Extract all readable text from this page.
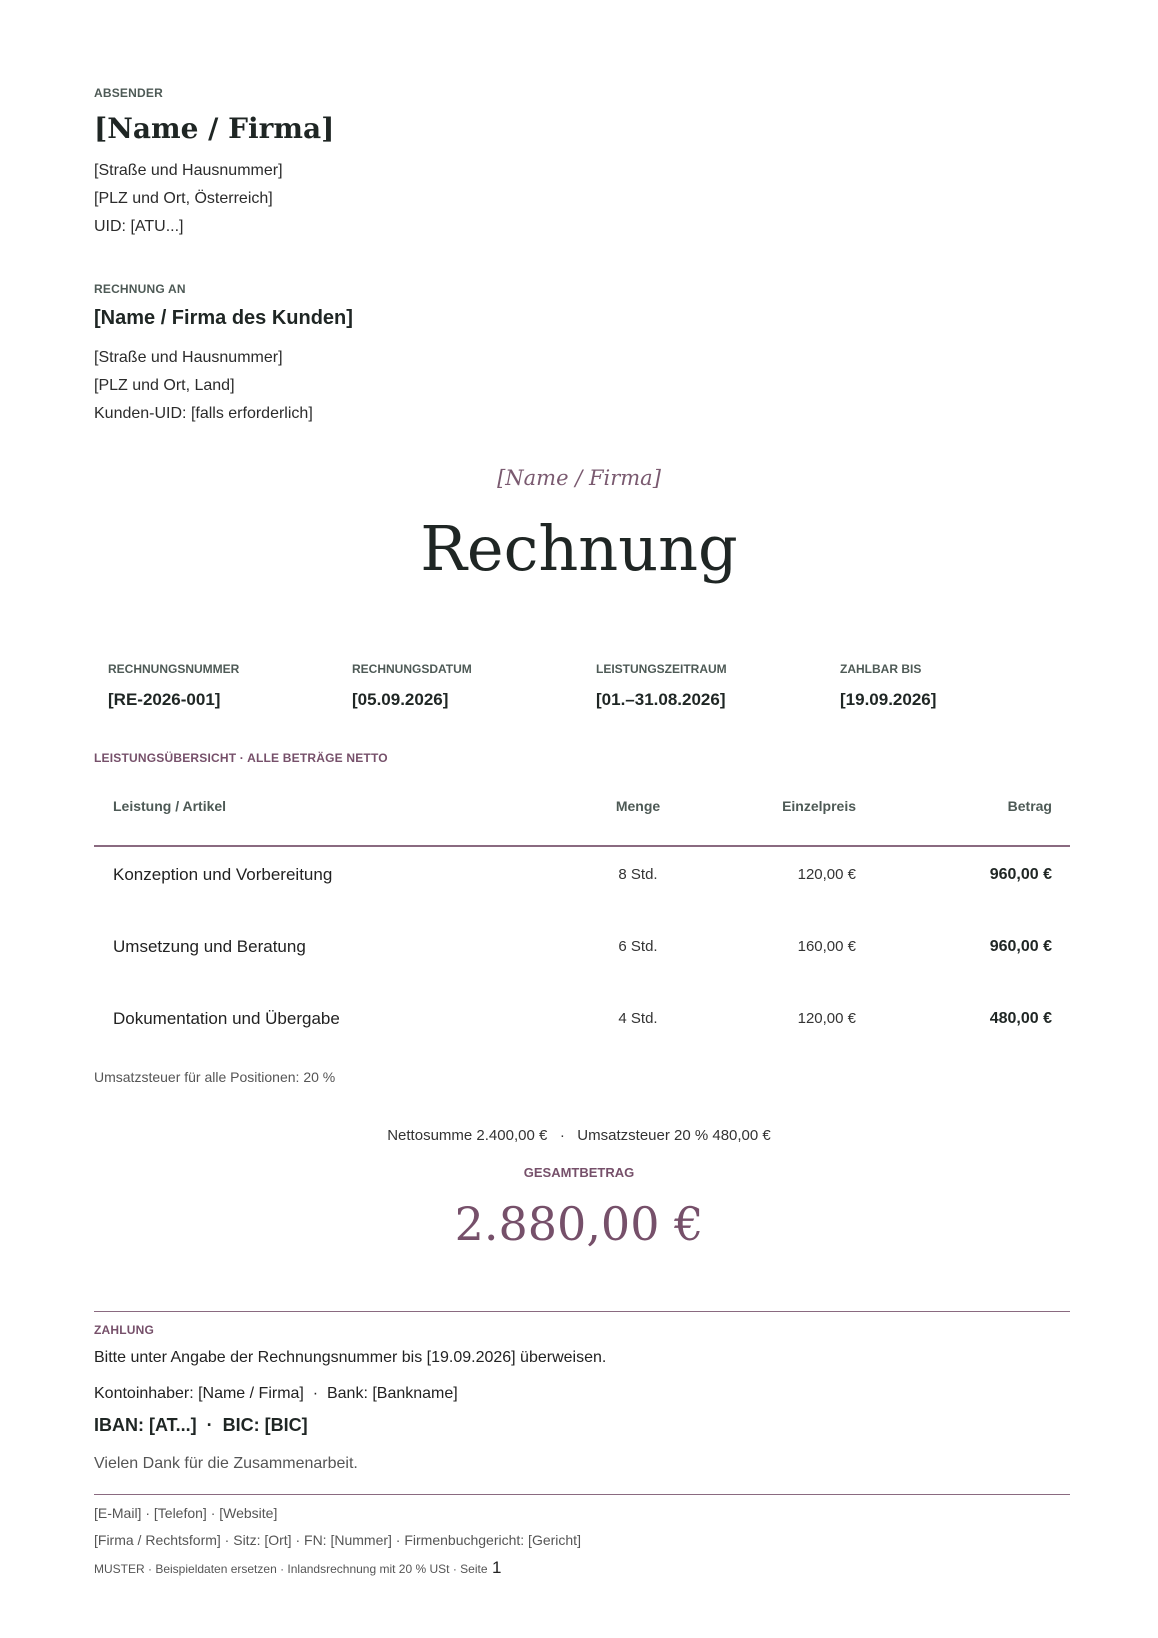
ABSENDER
[Name / Firma]
[Straße und Hausnummer]
[PLZ und Ort, Österreich]
UID: [ATU...]
RECHNUNG AN
[Name / Firma des Kunden]
[Straße und Hausnummer]
[PLZ und Ort, Land]
Kunden-UID: [falls erforderlich]
[Name / Firma]
Rechnung
RECHNUNGSNUMMER
[RE-2026-001]
RECHNUNGSDATUM
[05.09.2026]
LEISTUNGSZEITRAUM
[01.–31.08.2026]
ZAHLBAR BIS
[19.09.2026]
LEISTUNGSÜBERSICHT · ALLE BETRÄGE NETTO
Leistung / Artikel	Menge	Einzelpreis	Betrag
Konzeption und Vorbereitung	8 Std.	120,00 €	960,00 €
Umsetzung und Beratung	6 Std.	160,00 €	960,00 €
Dokumentation und Übergabe	4 Std.	120,00 €	480,00 €
Umsatzsteuer für alle Positionen: 20 %
Nettosumme 2.400,00 €   ·   Umsatzsteuer 20 % 480,00 €
GESAMTBETRAG
2.880,00 €
ZAHLUNG
Bitte unter Angabe der Rechnungsnummer bis [19.09.2026] überweisen.
Kontoinhaber: [Name / Firma]  ·  Bank: [Bankname]
IBAN: [AT...]  ·  BIC: [BIC]
Vielen Dank für die Zusammenarbeit.
[E-Mail] · [Telefon] · [Website]
[Firma / Rechtsform] · Sitz: [Ort] · FN: [Nummer] · Firmenbuchgericht: [Gericht]
MUSTER · Beispieldaten ersetzen · Inlandsrechnung mit 20 % USt · Seite 1
